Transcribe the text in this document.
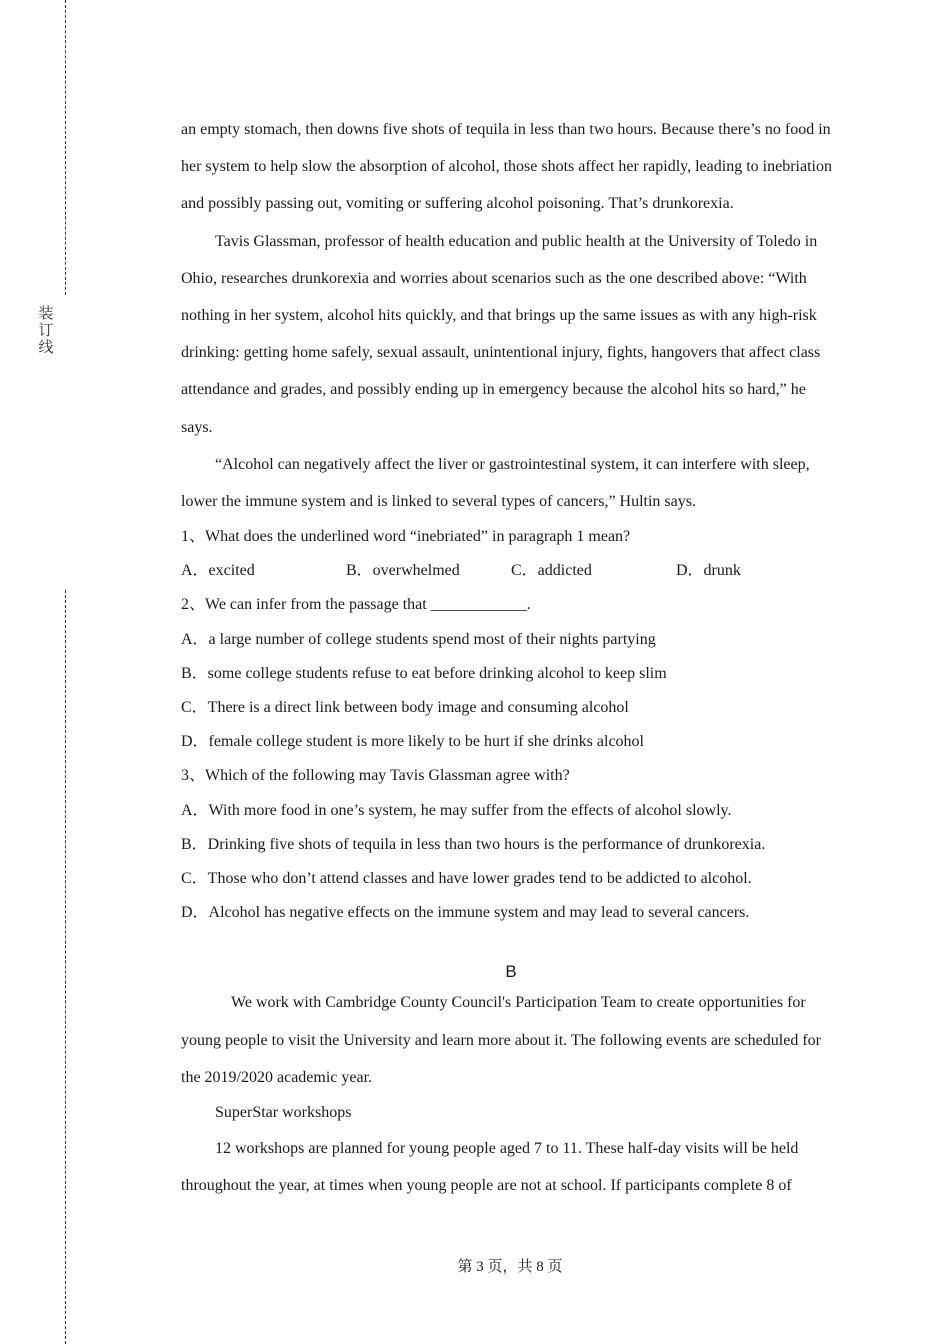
装订线

an empty stomach, then downs five shots of tequila in less than two hours. Because there’s no food in her system to help slow the absorption of alcohol, those shots affect her rapidly, leading to inebriation and possibly passing out, vomiting or suffering alcohol poisoning. That’s drunkorexia.

Tavis Glassman, professor of health education and public health at the University of Toledo in Ohio, researches drunkorexia and worries about scenarios such as the one described above: “With nothing in her system, alcohol hits quickly, and that brings up the same issues as with any high-risk drinking: getting home safely, sexual assault, unintentional injury, fights, hangovers that affect class attendance and grades, and possibly ending up in emergency because the alcohol hits so hard,” he says.

“Alcohol can negatively affect the liver or gastrointestinal system, it can interfere with sleep, lower the immune system and is linked to several types of cancers,” Hultin says.

1、What does the underlined word “inebriated” in paragraph 1 mean?

A．excited	B．overwhelmed	C．addicted	D．drunk

2、We can infer from the passage that ____________.

A．a large number of college students spend most of their nights partying

B．some college students refuse to eat before drinking alcohol to keep slim

C．There is a direct link between body image and consuming alcohol

D．female college student is more likely to be hurt if she drinks alcohol

3、Which of the following may Tavis Glassman agree with?

A．With more food in one’s system, he may suffer from the effects of alcohol slowly.

B．Drinking five shots of tequila in less than two hours is the performance of drunkorexia.

C．Those who don’t attend classes and have lower grades tend to be addicted to alcohol.

D．Alcohol has negative effects on the immune system and may lead to several cancers.

B

We work with Cambridge County Council's Participation Team to create opportunities for young people to visit the University and learn more about it. The following events are scheduled for the 2019/2020 academic year.

SuperStar workshops

12 workshops are planned for young people aged 7 to 11. These half-day visits will be held throughout the year, at times when young people are not at school. If participants complete 8 of

第 3 页，共 8 页
